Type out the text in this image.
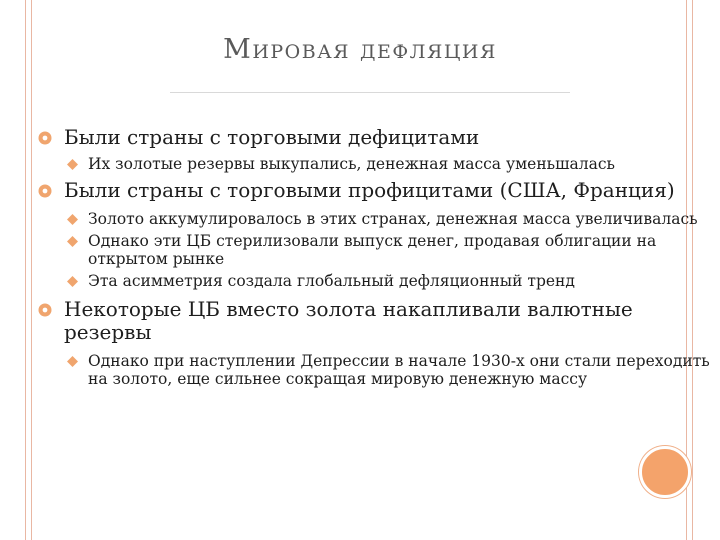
Мировая дефляция
Были страны с торговыми дефицитами
Их золотые резервы выкупались, денежная масса уменьшалась
Были страны с торговыми профицитами (США, Франция)
Золото аккумулировалось в этих странах, денежная масса увеличивалась
Однако эти ЦБ стерилизовали выпуск денег, продавая облигации на открытом рынке
Эта асимметрия создала глобальный дефляционный тренд
Некоторые ЦБ вместо золота накапливали валютные резервы
Однако при наступлении Депрессии в начале 1930-х они стали переходить на золото, еще сильнее сокращая мировую денежную массу
